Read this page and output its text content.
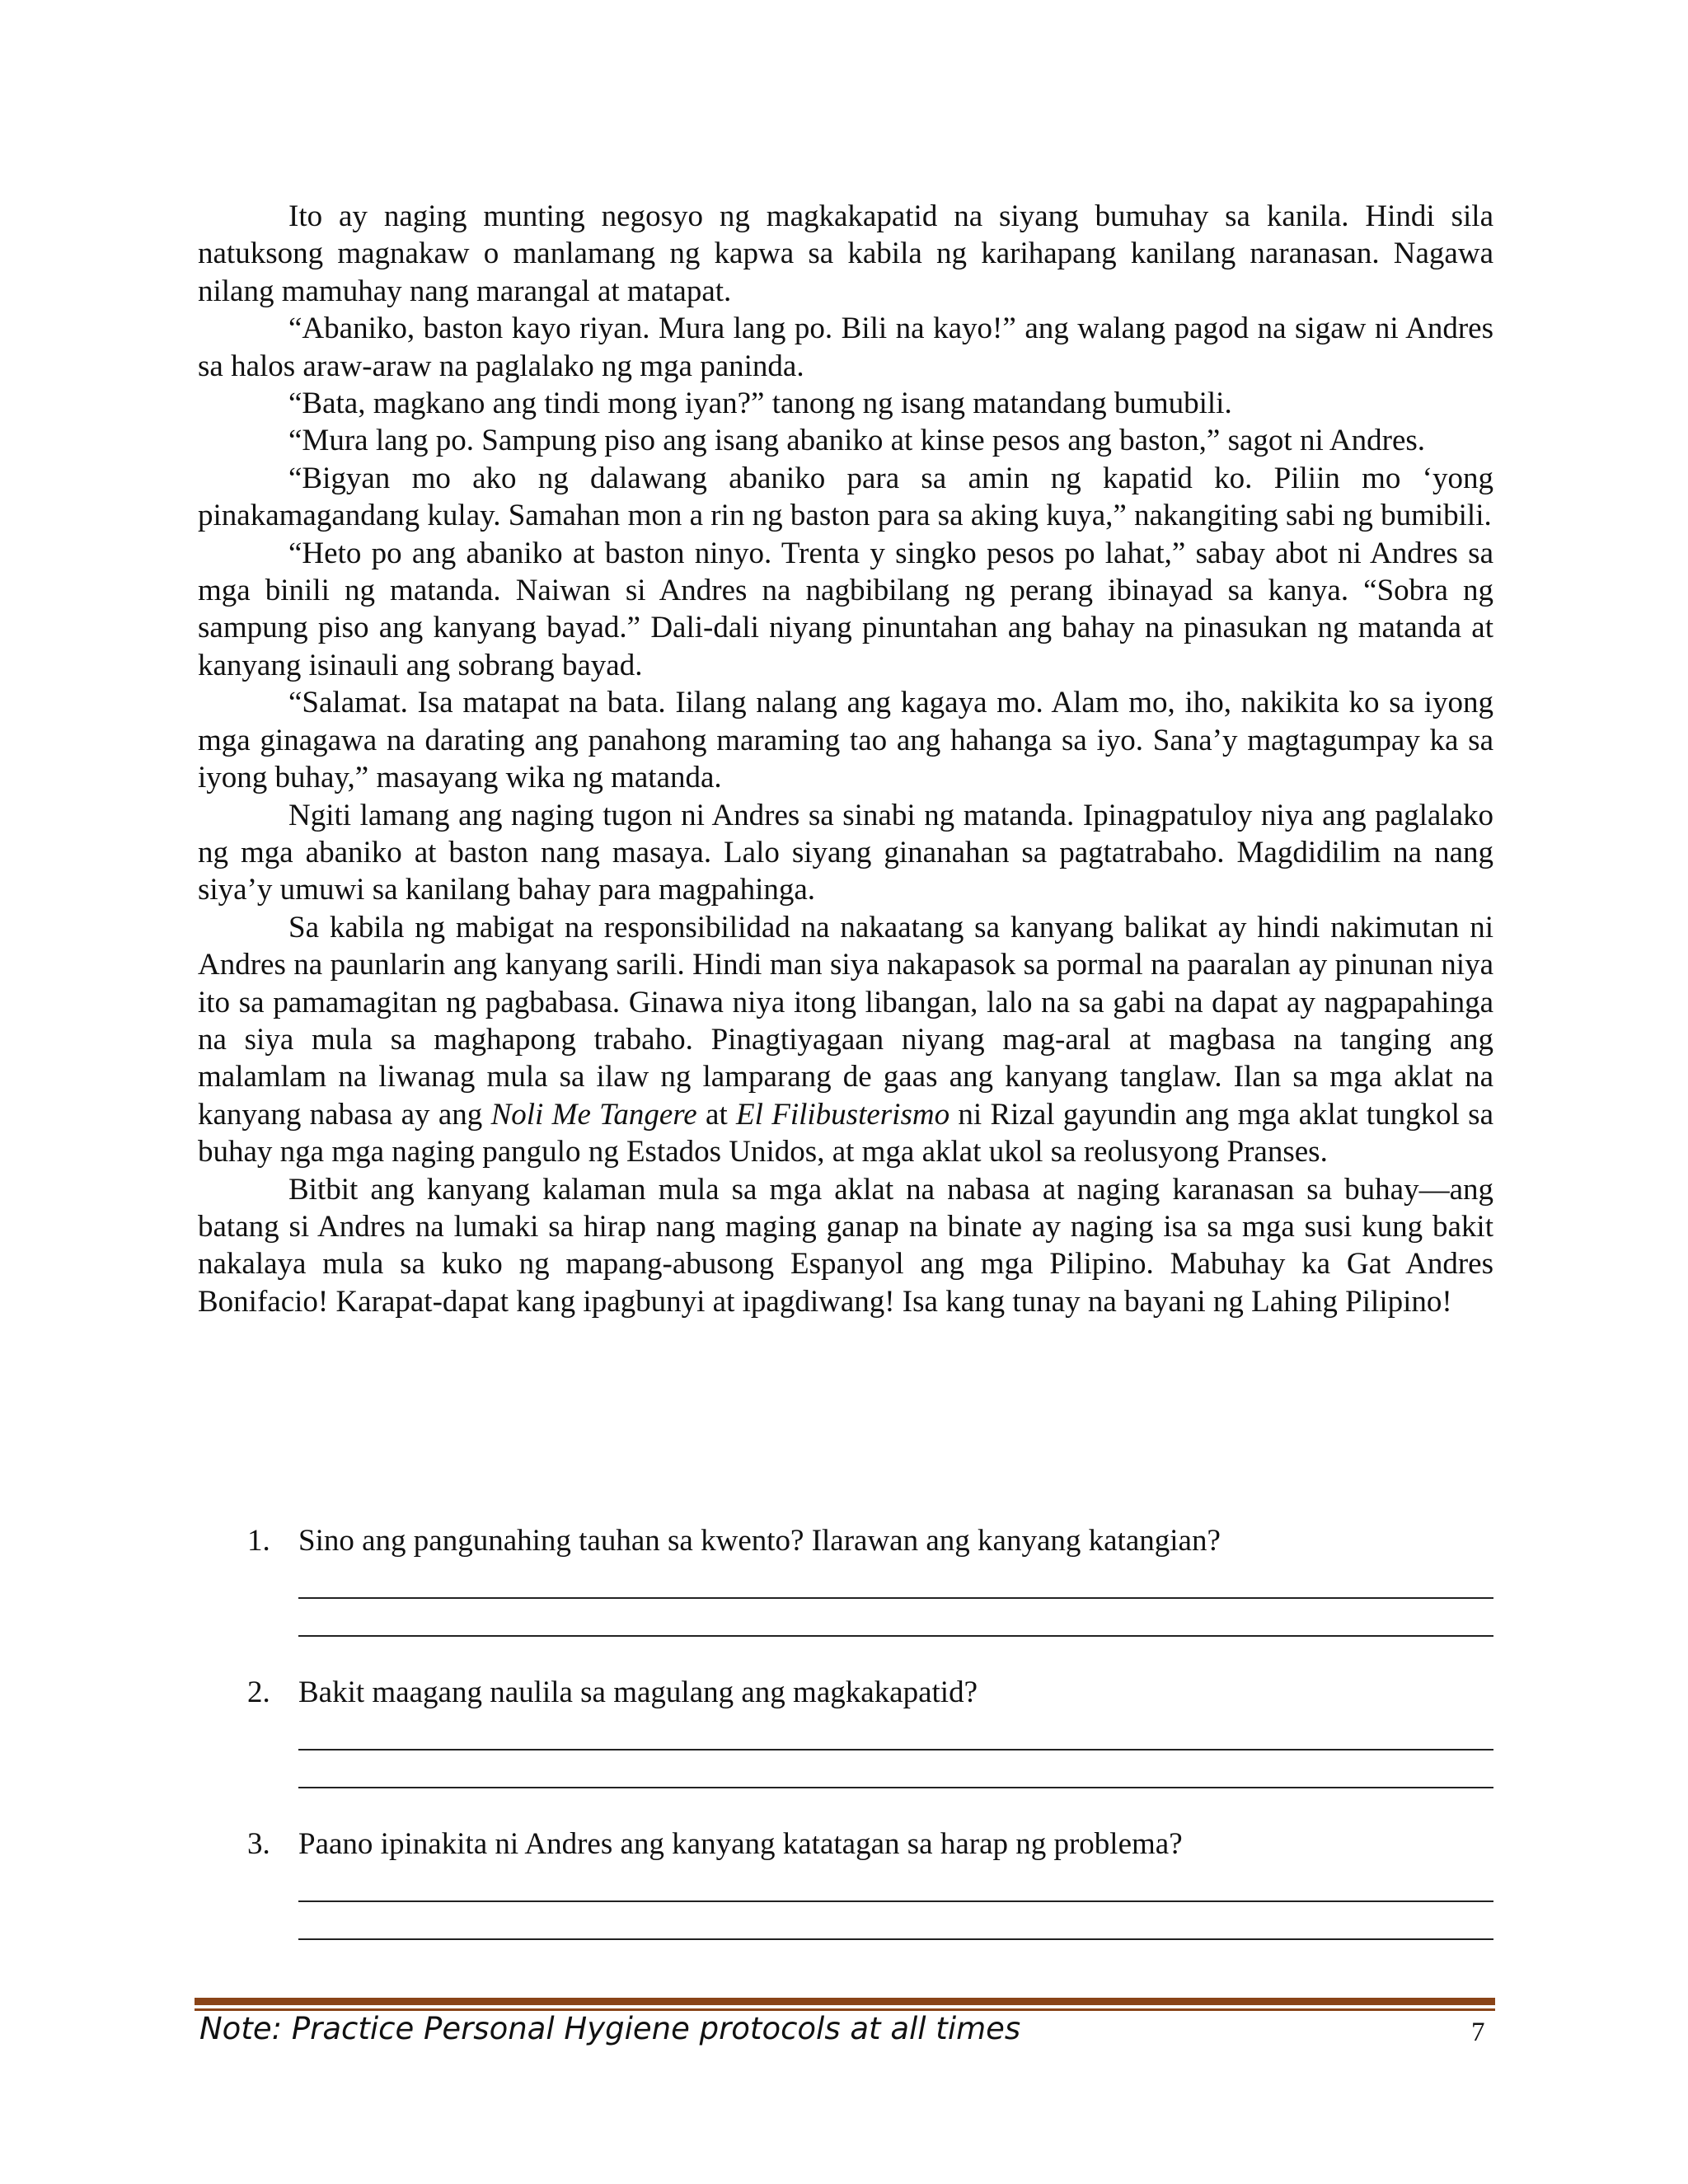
Ito ay naging munting negosyo ng magkakapatid na siyang bumuhay sa kanila. Hindi sila natuksong magnakaw o manlamang ng kapwa sa kabila ng karihapang kanilang naranasan. Nagawa nilang mamuhay nang marangal at matapat.

“Abaniko, baston kayo riyan. Mura lang po. Bili na kayo!” ang walang pagod na sigaw ni Andres sa halos araw-araw na paglalako ng mga paninda.

“Bata, magkano ang tindi mong iyan?” tanong ng isang matandang bumubili.

“Mura lang po. Sampung piso ang isang abaniko at kinse pesos ang baston,” sagot ni Andres.

“Bigyan mo ako ng dalawang abaniko para sa amin ng kapatid ko. Piliin mo ‘yong pinakamagandang kulay. Samahan mon a rin ng baston para sa aking kuya,” nakangiting sabi ng bumibili.

“Heto po ang abaniko at baston ninyo. Trenta y singko pesos po lahat,” sabay abot ni Andres sa mga binili ng matanda. Naiwan si Andres na nagbibilang ng perang ibinayad sa kanya. “Sobra ng sampung piso ang kanyang bayad.” Dali-dali niyang pinuntahan ang bahay na pinasukan ng matanda at kanyang isinauli ang sobrang bayad.

“Salamat. Isa matapat na bata. Iilang nalang ang kagaya mo. Alam mo, iho, nakikita ko sa iyong mga ginagawa na darating ang panahong maraming tao ang hahanga sa iyo. Sana’y magtagumpay ka sa iyong buhay,” masayang wika ng matanda.

Ngiti lamang ang naging tugon ni Andres sa sinabi ng matanda. Ipinagpatuloy niya ang paglalako ng mga abaniko at baston nang masaya. Lalo siyang ginanahan sa pagtatrabaho. Magdidilim na nang siya’y umuwi sa kanilang bahay para magpahinga.

Sa kabila ng mabigat na responsibilidad na nakaatang sa kanyang balikat ay hindi nakimutan ni Andres na paunlarin ang kanyang sarili. Hindi man siya nakapasok sa pormal na paaralan ay pinunan niya ito sa pamamagitan ng pagbabasa. Ginawa niya itong libangan, lalo na sa gabi na dapat ay nagpapahinga na siya mula sa maghapong trabaho. Pinagtiyagaan niyang mag-aral at magbasa na tanging ang malamlam na liwanag mula sa ilaw ng lamparang de gaas ang kanyang tanglaw. Ilan sa mga aklat na kanyang nabasa ay ang Noli Me Tangere at El Filibusterismo ni Rizal gayundin ang mga aklat tungkol sa buhay nga mga naging pangulo ng Estados Unidos, at mga aklat ukol sa reolusyong Pranses.

Bitbit ang kanyang kalaman mula sa mga aklat na nabasa at naging karanasan sa buhay—ang batang si Andres na lumaki sa hirap nang maging ganap na binate ay naging isa sa mga susi kung bakit nakalaya mula sa kuko ng mapang-abusong Espanyol ang mga Pilipino. Mabuhay ka Gat Andres Bonifacio! Karapat-dapat kang ipagbunyi at ipagdiwang! Isa kang tunay na bayani ng Lahing Pilipino!

1. Sino ang pangunahing tauhan sa kwento? Ilarawan ang kanyang katangian?
2. Bakit maagang naulila sa magulang ang magkakapatid?
3. Paano ipinakita ni Andres ang kanyang katatagan sa harap ng problema?
Note: Practice Personal Hygiene protocols at all times	7
